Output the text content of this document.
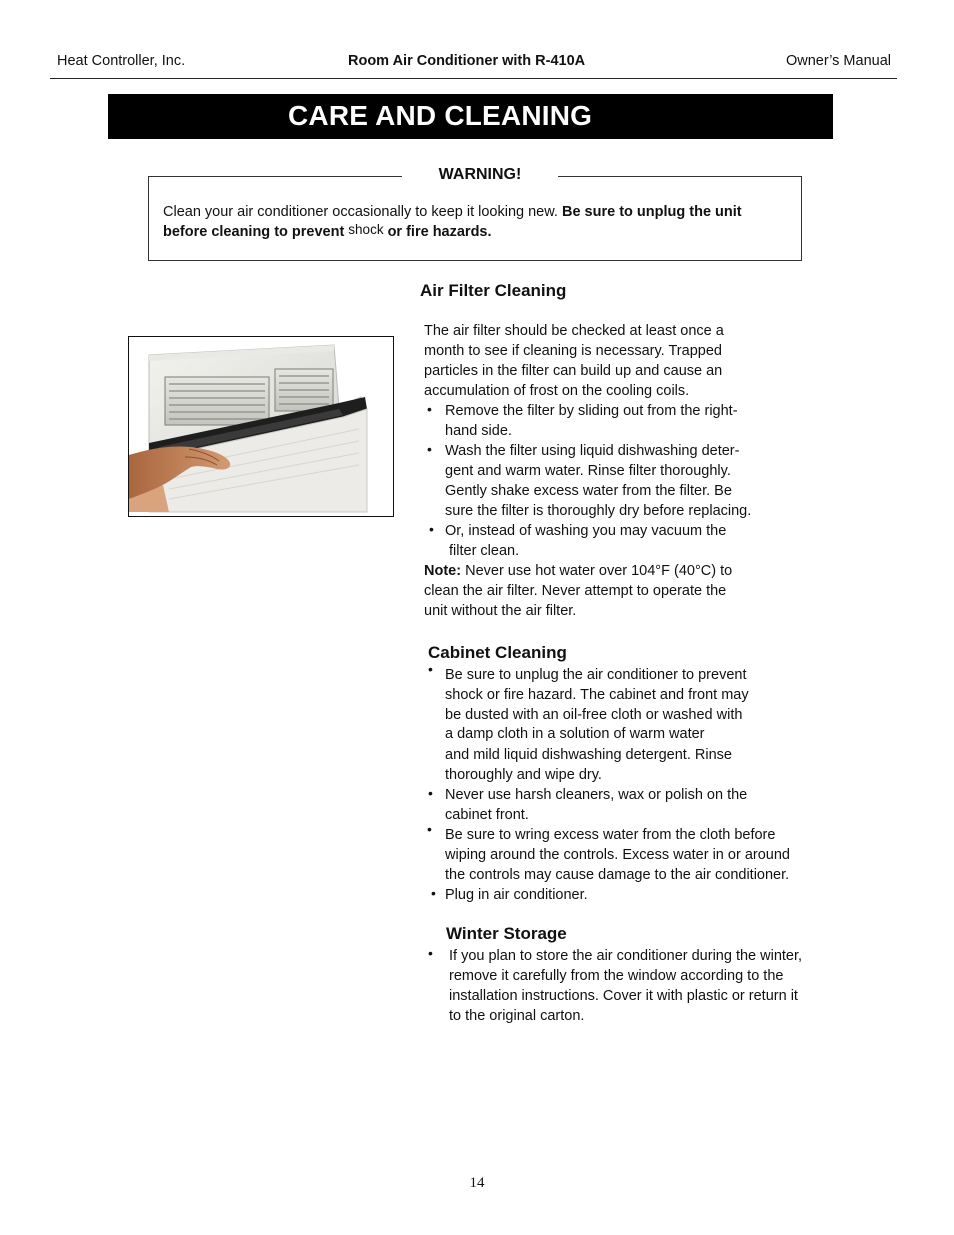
Heat Controller, Inc.	Room Air Conditioner with R-410A	Owner’s Manual
CARE AND CLEANING
WARNING!
Clean your air conditioner occasionally to keep it looking new. Be sure to unplug the unit
before cleaning to prevent shock or fire hazards.
Air Filter Cleaning
The air filter should be checked at least once a
month to see if cleaning is necessary. Trapped
particles in the filter can build up and cause an
accumulation of frost on the cooling coils.
• Remove the filter by sliding out from the right-
hand side.
• Wash the filter using liquid dishwashing deter-
gent and warm water. Rinse filter thoroughly.
Gently shake excess water from the filter. Be
sure the filter is thoroughly dry before replacing.
• Or, instead of washing you may vacuum the
filter clean.
Note: Never use hot water over 104°F (40°C) to
clean the air filter. Never attempt to operate the
unit without the air filter.
Cabinet Cleaning
• Be sure to unplug the air conditioner to prevent
shock or fire hazard. The cabinet and front may
be dusted with an oil-free cloth or washed with
a damp cloth in a solution of warm water
and mild liquid dishwashing detergent. Rinse
thoroughly and wipe dry.
• Never use harsh cleaners, wax or polish on the
cabinet front.
• Be sure to wring excess water from the cloth before
wiping around the controls. Excess water in or around
the controls may cause damage to the air conditioner.
• Plug in air conditioner.
Winter Storage
• If you plan to store the air conditioner during the winter,
remove it carefully from the window according to the
installation instructions. Cover it with plastic or return it
to the original carton.
14
